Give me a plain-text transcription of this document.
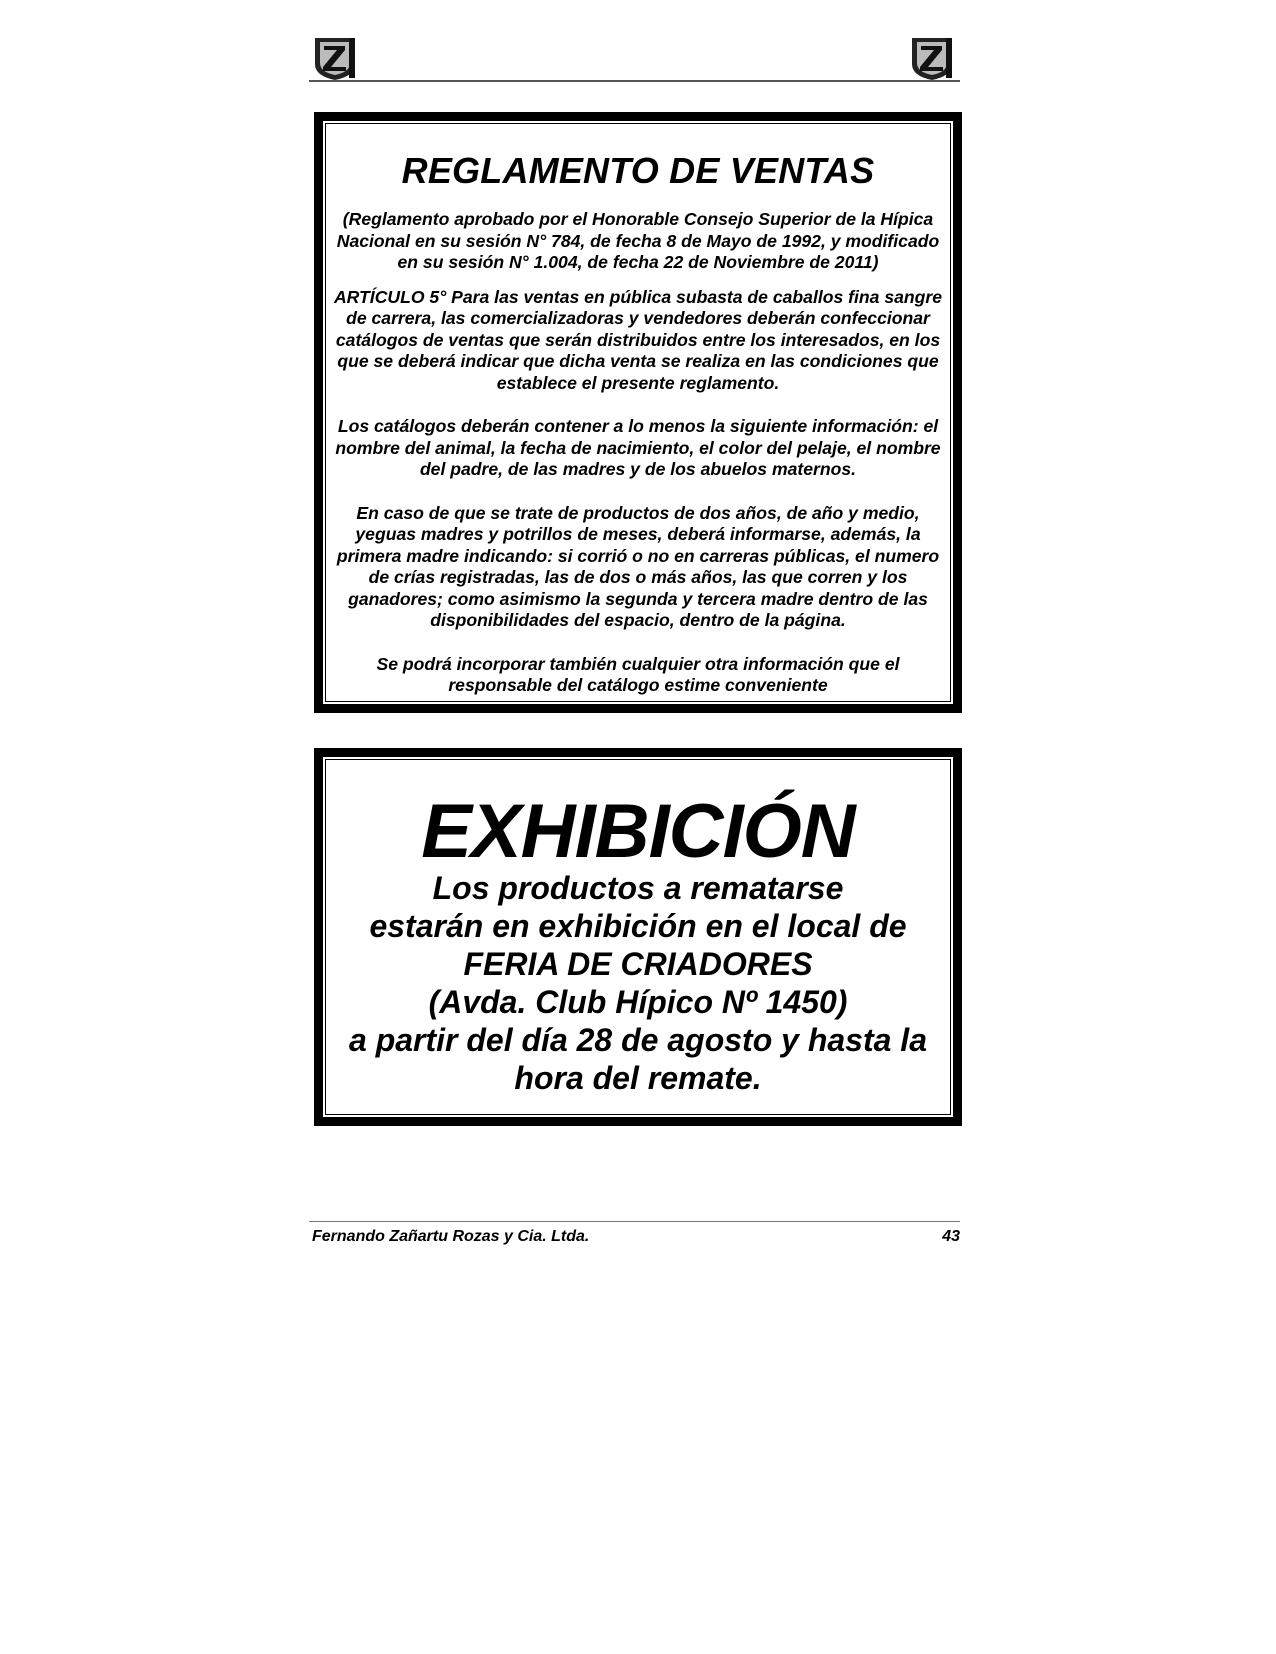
REGLAMENTO DE VENTAS

(Reglamento aprobado por el Honorable Consejo Superior de la Hípica Nacional en su sesión N° 784, de fecha 8 de Mayo de 1992, y modificado en su sesión N° 1.004, de fecha 22 de Noviembre de 2011)

ARTÍCULO 5° Para las ventas en pública subasta de caballos fina sangre de carrera, las comercializadoras y vendedores deberán confeccionar catálogos de ventas que serán distribuidos entre los interesados, en los que se deberá indicar que dicha venta se realiza en las condiciones que establece el presente reglamento.

Los catálogos deberán contener a lo menos la siguiente información: el nombre del animal, la fecha de nacimiento, el color del pelaje, el nombre del padre, de las madres y de los abuelos maternos.

En caso de que se trate de productos de dos años, de año y medio, yeguas madres y potrillos de meses, deberá informarse, además, la primera madre indicando: si corrió o no en carreras públicas, el numero de crías registradas, las de dos o más años, las que corren y los ganadores; como asimismo la segunda y tercera madre dentro de las disponibilidades del espacio, dentro de la página.

Se podrá incorporar también cualquier otra información que el responsable del catálogo estime conveniente

EXHIBICIÓN
Los productos a rematarse
estarán en exhibición en el local de
FERIA DE CRIADORES
(Avda. Club Hípico Nº 1450)
a partir del día 28 de agosto y hasta la
hora del remate.
Fernando Zañartu Rozas y Cia. Ltda.	43
